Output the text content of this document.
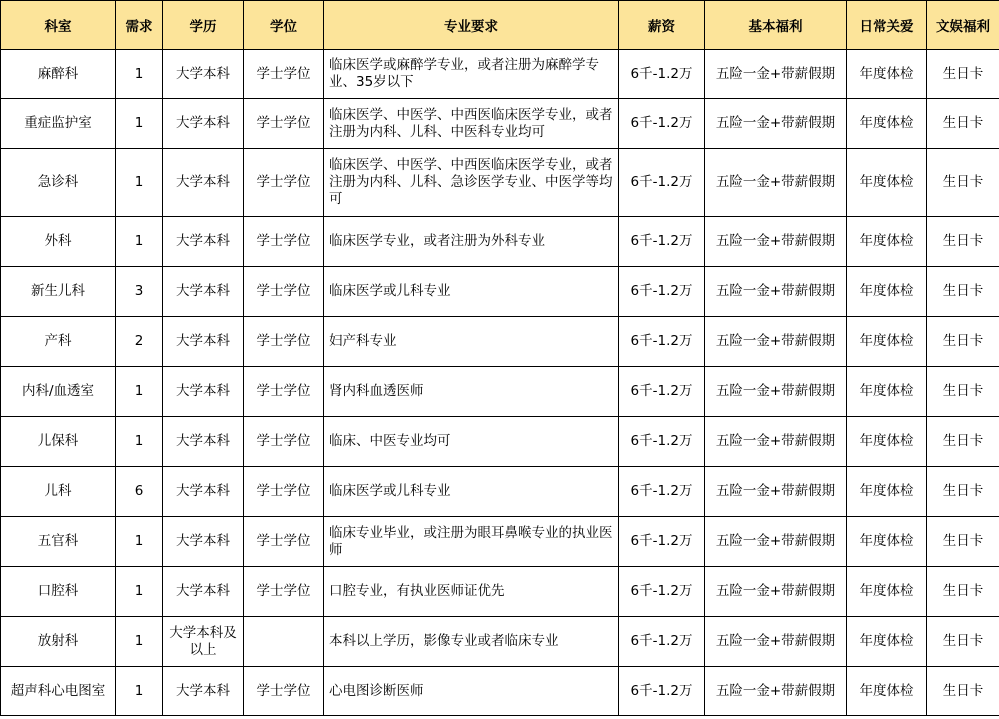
科室	需求	学历	学位	专业要求	薪资	基本福利	日常关爱	文娱福利
麻醉科	1	大学本科	学士学位	临床医学或麻醉学专业，或者注册为麻醉学专业、35岁以下	6千-1.2万	五险一金+带薪假期	年度体检	生日卡
重症监护室	1	大学本科	学士学位	临床医学、中医学、中西医临床医学专业，或者注册为内科、儿科、中医科专业均可	6千-1.2万	五险一金+带薪假期	年度体检	生日卡
急诊科	1	大学本科	学士学位	临床医学、中医学、中西医临床医学专业，或者注册为内科、儿科、急诊医学专业、中医学等均可	6千-1.2万	五险一金+带薪假期	年度体检	生日卡
外科	1	大学本科	学士学位	临床医学专业，或者注册为外科专业	6千-1.2万	五险一金+带薪假期	年度体检	生日卡
新生儿科	3	大学本科	学士学位	临床医学或儿科专业	6千-1.2万	五险一金+带薪假期	年度体检	生日卡
产科	2	大学本科	学士学位	妇产科专业	6千-1.2万	五险一金+带薪假期	年度体检	生日卡
内科/血透室	1	大学本科	学士学位	肾内科血透医师	6千-1.2万	五险一金+带薪假期	年度体检	生日卡
儿保科	1	大学本科	学士学位	临床、中医专业均可	6千-1.2万	五险一金+带薪假期	年度体检	生日卡
儿科	6	大学本科	学士学位	临床医学或儿科专业	6千-1.2万	五险一金+带薪假期	年度体检	生日卡
五官科	1	大学本科	学士学位	临床专业毕业，或注册为眼耳鼻喉专业的执业医师	6千-1.2万	五险一金+带薪假期	年度体检	生日卡
口腔科	1	大学本科	学士学位	口腔专业，有执业医师证优先	6千-1.2万	五险一金+带薪假期	年度体检	生日卡
放射科	1	大学本科及以上		本科以上学历，影像专业或者临床专业	6千-1.2万	五险一金+带薪假期	年度体检	生日卡
超声科心电图室	1	大学本科	学士学位	心电图诊断医师	6千-1.2万	五险一金+带薪假期	年度体检	生日卡
